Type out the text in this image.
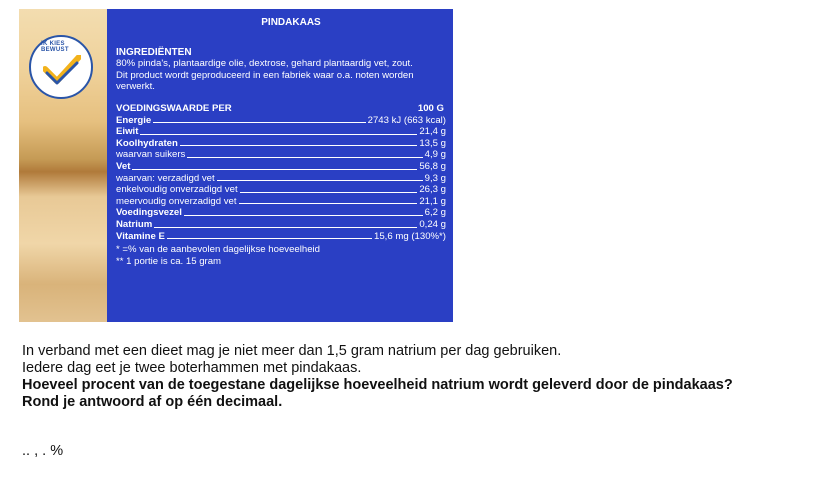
IK KIES BEWUST
PINDAKAAS
INGREDIËNTEN
80% pinda's, plantaardige olie, dextrose, gehard plantaardig vet, zout.
Dit product wordt geproduceerd in een fabriek waar o.a. noten worden verwerkt.
VOEDINGSWAARDE PER	100 G
Energie	2743 kJ (663 kcal)
Eiwit	21,4 g
Koolhydraten	13,5 g
waarvan suikers	4,9 g
Vet	56,8 g
waarvan: verzadigd vet	9,3 g
enkelvoudig onverzadigd vet	26,3 g
meervoudig onverzadigd vet	21,1 g
Voedingsvezel	6,2 g
Natrium	0,24 g
Vitamine E	15,6 mg (130%*)
* =% van de aanbevolen dagelijkse hoeveelheid
** 1 portie is ca. 15 gram
In verband met een dieet mag je niet meer dan 1,5 gram natrium per dag gebruiken.
Iedere dag eet je twee boterhammen met pindakaas.
Hoeveel procent van de toegestane dagelijkse hoeveelheid natrium wordt geleverd door de pindakaas?
Rond je antwoord af op één decimaal.
.. , . %
